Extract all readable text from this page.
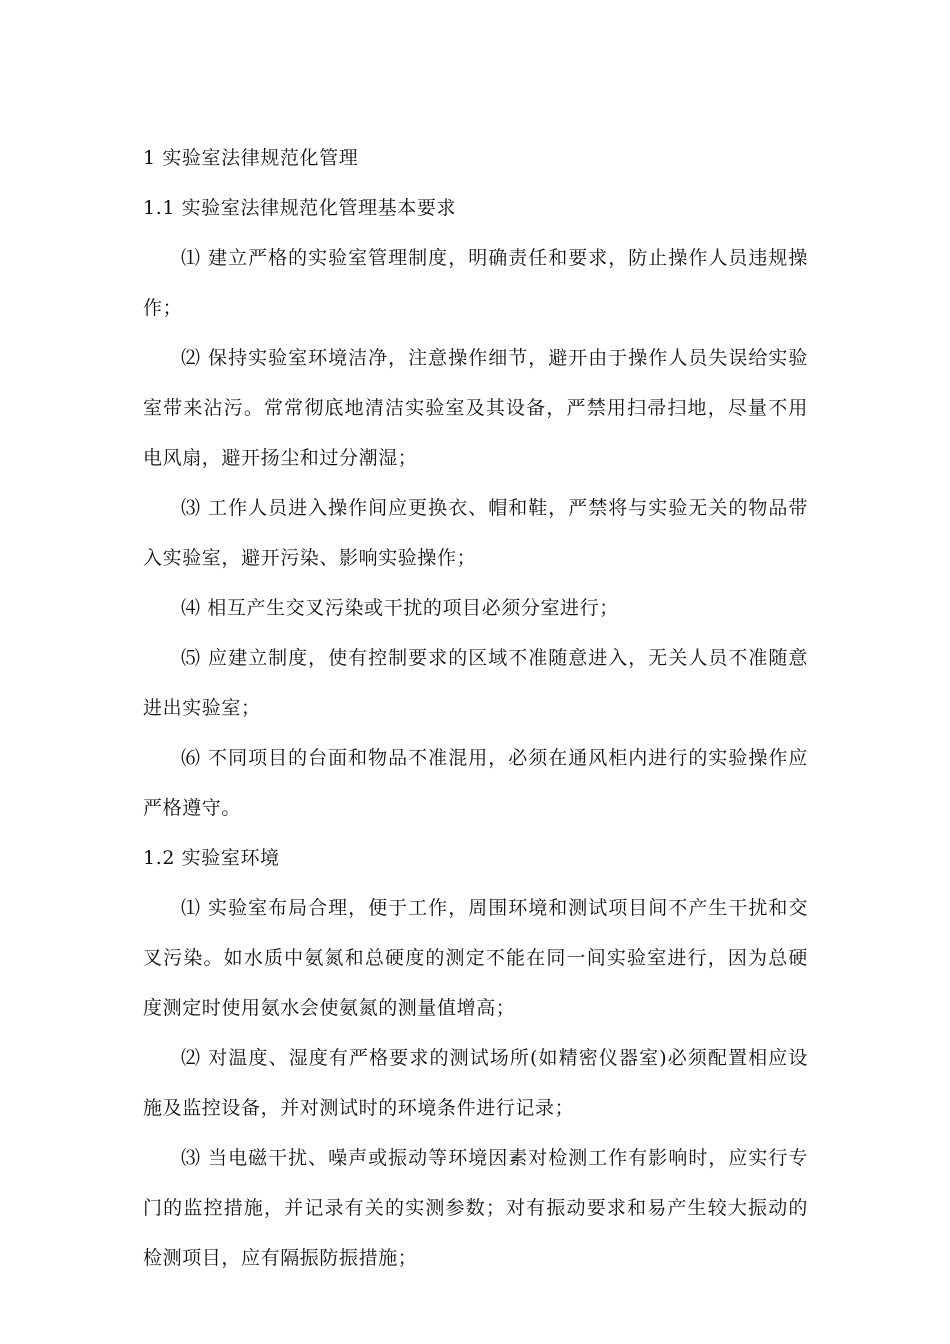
1 实验室法律规范化管理

1.1 实验室法律规范化管理基本要求

⑴ 建立严格的实验室管理制度，明确责任和要求，防止操作人员违规操作；

⑵ 保持实验室环境洁净，注意操作细节，避开由于操作人员失误给实验室带来沾污。常常彻底地清洁实验室及其设备，严禁用扫帚扫地，尽量不用电风扇，避开扬尘和过分潮湿；

⑶ 工作人员进入操作间应更换衣、帽和鞋，严禁将与实验无关的物品带入实验室，避开污染、影响实验操作；

⑷ 相互产生交叉污染或干扰的项目必须分室进行；

⑸ 应建立制度，使有控制要求的区域不准随意进入，无关人员不准随意进出实验室；

⑹ 不同项目的台面和物品不准混用，必须在通风柜内进行的实验操作应严格遵守。

1.2 实验室环境

⑴ 实验室布局合理，便于工作，周围环境和测试项目间不产生干扰和交叉污染。如水质中氨氮和总硬度的测定不能在同一间实验室进行，因为总硬度测定时使用氨水会使氨氮的测量值增高；

⑵ 对温度、湿度有严格要求的测试场所(如精密仪器室)必须配置相应设施及监控设备，并对测试时的环境条件进行记录；

⑶ 当电磁干扰、噪声或振动等环境因素对检测工作有影响时，应实行专门的监控措施，并记录有关的实测参数；对有振动要求和易产生较大振动的检测项目，应有隔振防振措施；
